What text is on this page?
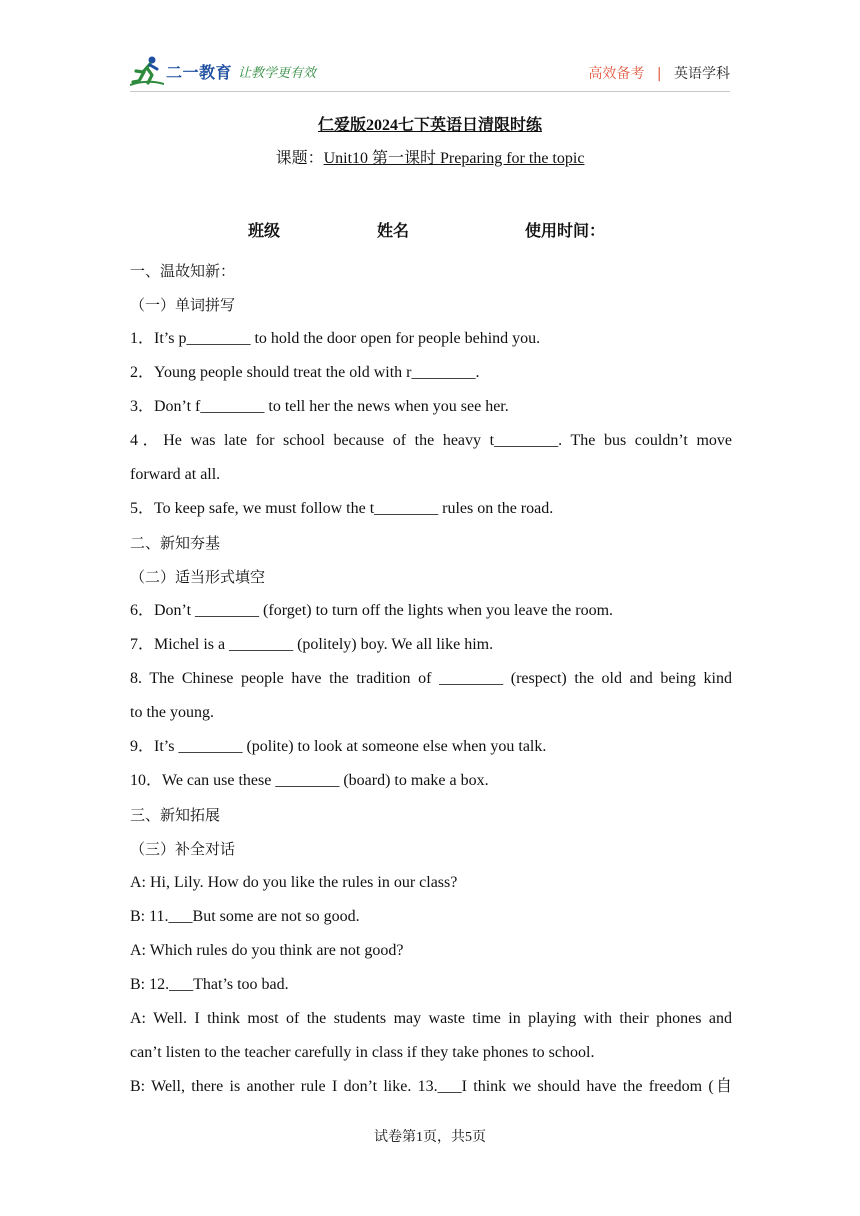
二一教育 让教学更有效	高效备考 | 英语学科
仁爱版2024七下英语日清限时练
课题：Unit10 第一课时 Preparing for the topic
班级	姓名	使用时间：
一、温故知新：
（一）单词拼写
1．It’s p________ to hold the door open for people behind you.
2．Young people should treat the old with r________.
3．Don’t f________ to tell her the news when you see her.
4．He was late for school because of the heavy t________. The bus couldn’t move
forward at all.
5．To keep safe, we must follow the t________ rules on the road.
二、新知夯基
（二）适当形式填空
6．Don’t ________ (forget) to turn off the lights when you leave the room.
7．Michel is a ________ (politely) boy. We all like him.
8. The Chinese people have the tradition of ________ (respect) the old and being kind
to the young.
9．It’s ________ (polite) to look at someone else when you talk.
10．We can use these ________ (board) to make a box.
三、新知拓展
（三）补全对话
A: Hi, Lily. How do you like the rules in our class?
B: 11.___But some are not so good.
A: Which rules do you think are not good?
B: 12.___That’s too bad.
A: Well. I think most of the students may waste time in playing with their phones and
can’t listen to the teacher carefully in class if they take phones to school.
B: Well, there is another rule I don’t like. 13.___I think we should have the freedom (自
试卷第1页，共5页
